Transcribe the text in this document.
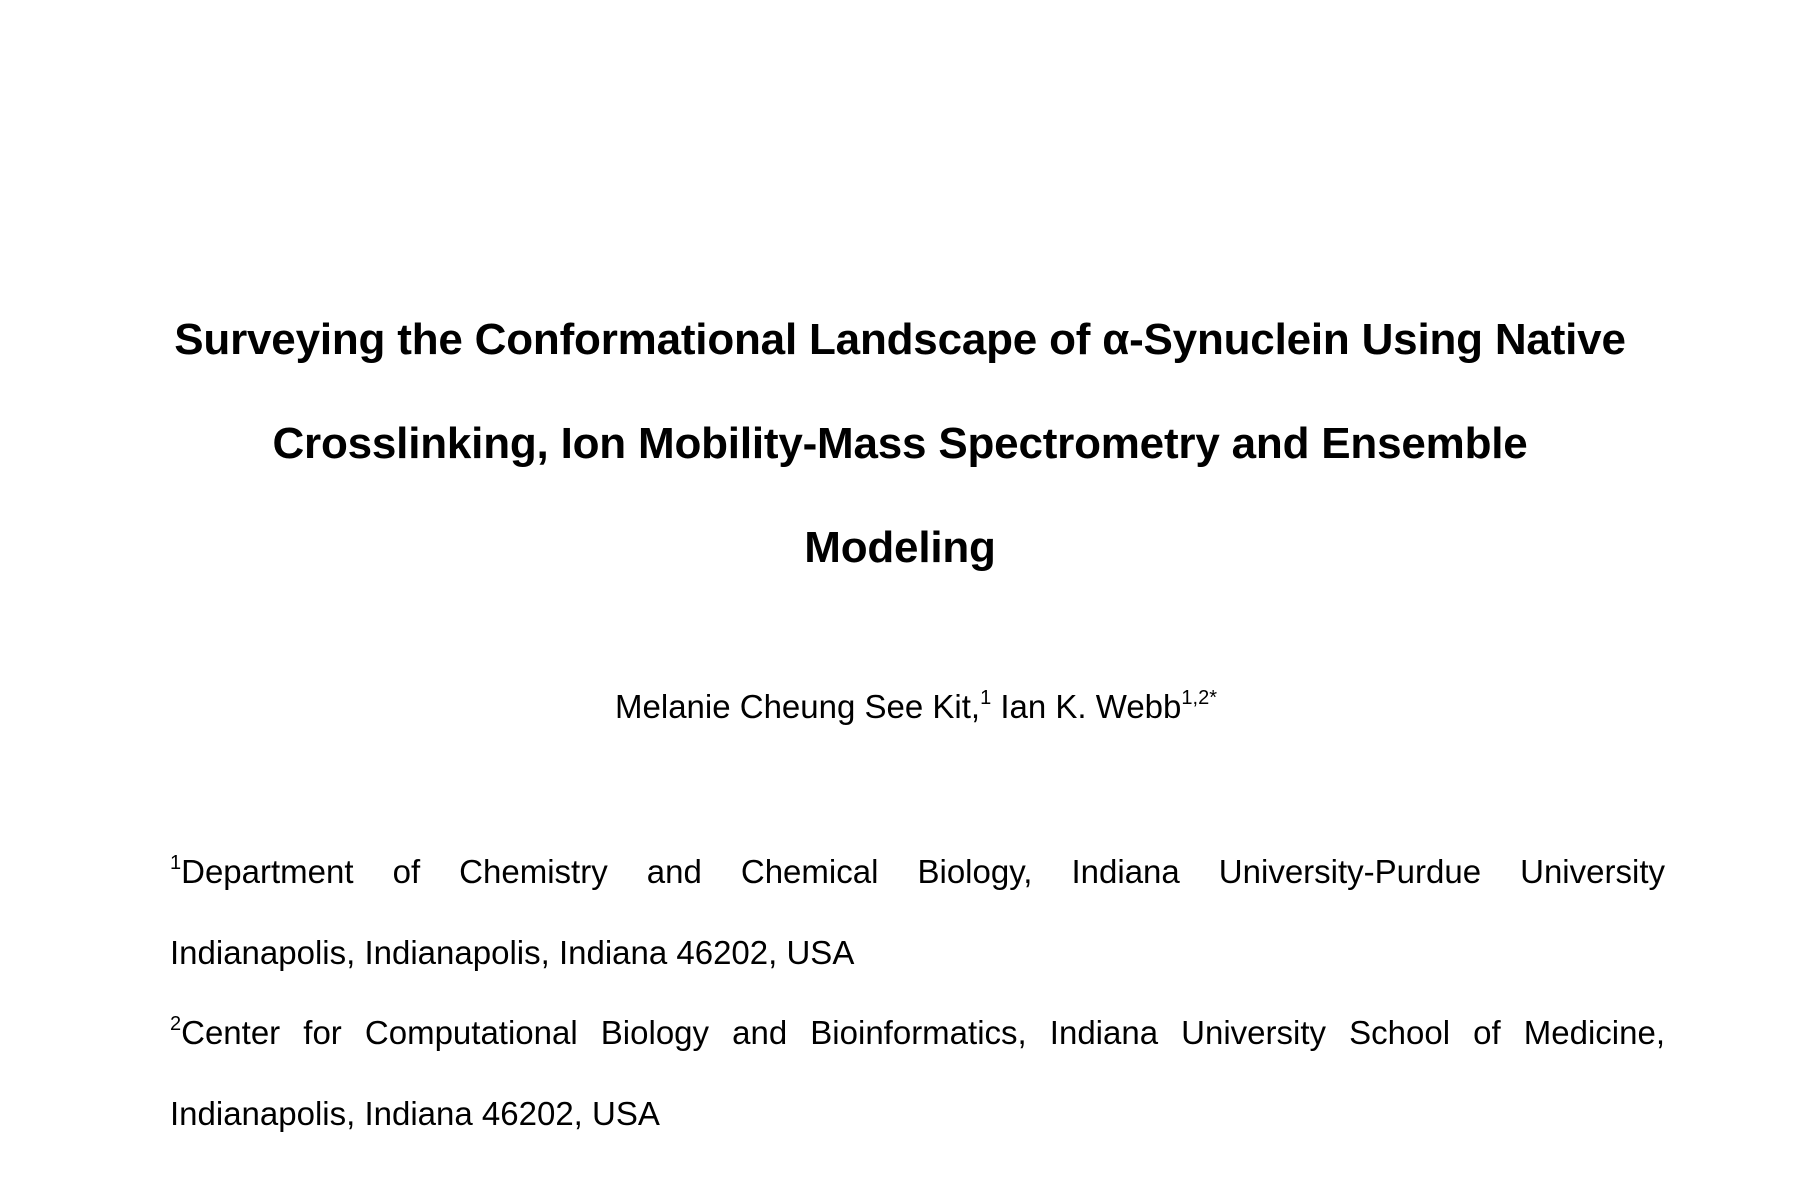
Surveying the Conformational Landscape of α-Synuclein Using Native
Crosslinking, Ion Mobility-Mass Spectrometry and Ensemble
Modeling

Melanie Cheung See Kit,$^1$ Ian K. Webb$^{1,2*}$

$^1$Department of Chemistry and Chemical Biology, Indiana University-Purdue University
Indianapolis, Indianapolis, Indiana 46202, USA

$^2$Center for Computational Biology and Bioinformatics, Indiana University School of Medicine,
Indianapolis, Indiana 46202, USA
